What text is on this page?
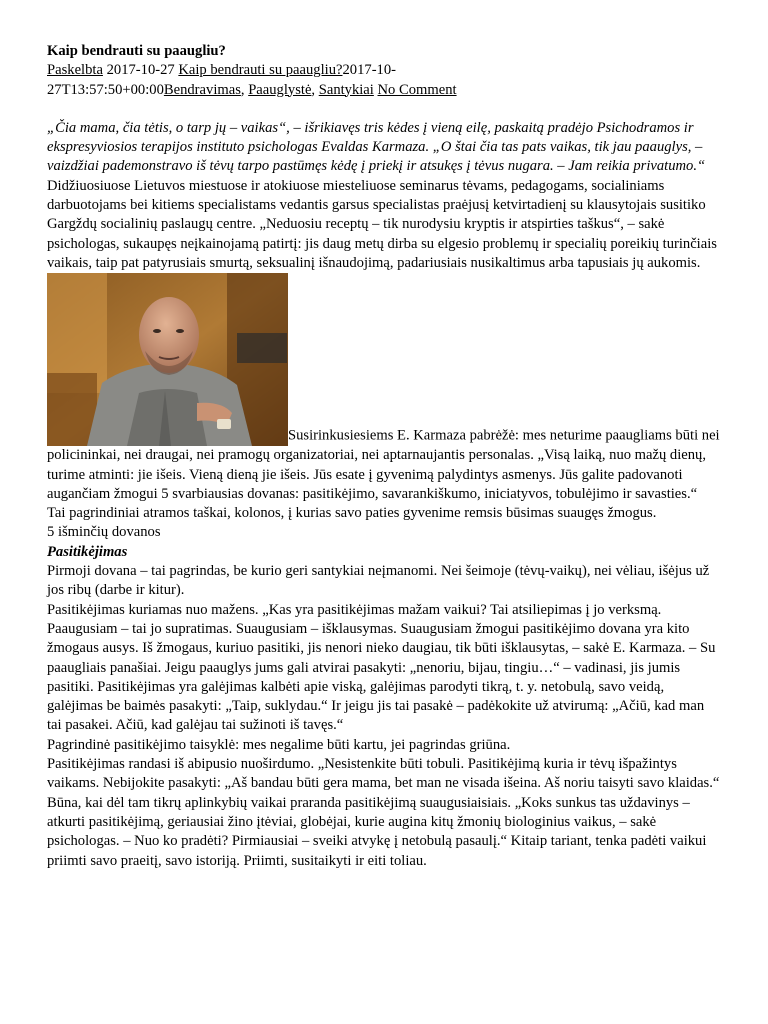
Kaip bendrauti su paaugliu?

Paskelbta 2017-10-27 Kaip bendrauti su paaugliu?2017-10-
27T13:57:50+00:00Bendravimas, Paauglystė, Santykiai No Comment

„Čia mama, čia tėtis, o tarp jų – vaikas“, – išrikiavęs tris kėdes į vieną eilę, paskaitą pradėjo Psichodramos ir ekspresyviosios terapijos instituto psichologas Evaldas Karmaza. „O štai čia tas pats vaikas, tik jau paauglys, – vaizdžiai pademonstravo iš tėvų tarpo pastūmęs kėdę į priekį ir atsukęs į tėvus nugara. – Jam reikia privatumo.“

Didžiuosiuose Lietuvos miestuose ir atokiuose miesteliuose seminarus tėvams, pedagogams, socialiniams darbuotojams bei kitiems specialistams vedantis garsus specialistas praėjusį ketvirtadienį su klausytojais susitiko Gargždų socialinių paslaugų centre. „Neduosiu receptų – tik nurodysiu kryptis ir atspirties taškus“, – sakė psichologas, sukaupęs neįkainojamą patirtį: jis daug metų dirba su elgesio problemų ir specialių poreikių turinčiais vaikais, taip pat patyrusiais smurtą, seksualinį išnaudojimą, padariusiais nusikaltimus arba tapusiais jų aukomis.

Susirinkusiesiems E. Karmaza pabrėžė: mes neturime paaugliams būti nei policininkai, nei draugai, nei pramogų organizatoriai, nei aptarnaujantis personalas. „Visą laiką, nuo mažų dienų, turime atminti: jie išeis. Vieną dieną jie išeis. Jūs esate į gyvenimą palydintys asmenys. Jūs galite padovanoti augančiam žmogui 5 svarbiausias dovanas: pasitikėjimo, savarankiškumo, iniciatyvos, tobulėjimo ir savasties.“

Tai pagrindiniai atramos taškai, kolonos, į kurias savo paties gyvenime remsis būsimas suaugęs žmogus.

5 išminčių dovanos

Pasitikėjimas

Pirmoji dovana – tai pagrindas, be kurio geri santykiai neįmanomi. Nei šeimoje (tėvų-vaikų), nei vėliau, išėjus už jos ribų (darbe ir kitur).

Pasitikėjimas kuriamas nuo mažens. „Kas yra pasitikėjimas mažam vaikui? Tai atsiliepimas į jo verksmą. Paaugusiam – tai jo supratimas. Suaugusiam – išklausymas. Suaugusiam žmogui pasitikėjimo dovana yra kito žmogaus ausys. Iš žmogaus, kuriuo pasitiki, jis nenori nieko daugiau, tik būti išklausytas, – sakė E. Karmaza. – Su paaugliais panašiai. Jeigu paauglys jums gali atvirai pasakyti: „nenoriu, bijau, tingiu…“ – vadinasi, jis jumis pasitiki. Pasitikėjimas yra galėjimas kalbėti apie viską, galėjimas parodyti tikrą, t. y. netobulą, savo veidą, galėjimas be baimės pasakyti: „Taip, suklydau.“ Ir jeigu jis tai pasakė – padėkokite už atvirumą: „Ačiū, kad man tai pasakei. Ačiū, kad galėjau tai sužinoti iš tavęs.“

Pagrindinė pasitikėjimo taisyklė: mes negalime būti kartu, jei pagrindas griūna.

Pasitikėjimas randasi iš abipusio nuoširdumo. „Nesistenkite būti tobuli. Pasitikėjimą kuria ir tėvų išpažintys vaikams. Nebijokite pasakyti: „Aš bandau būti gera mama, bet man ne visada išeina. Aš noriu taisyti savo klaidas.“

Būna, kai dėl tam tikrų aplinkybių vaikai praranda pasitikėjimą suaugusiaisiais. „Koks sunkus tas uždavinys – atkurti pasitikėjimą, geriausiai žino įtėviai, globėjai, kurie augina kitų žmonių biologinius vaikus, – sakė psichologas. – Nuo ko pradėti? Pirmiausiai – sveiki atvykę į netobulą pasaulį.“ Kitaip tariant, tenka padėti vaikui priimti savo praeitį, savo istoriją. Priimti, susitaikyti ir eiti toliau.
